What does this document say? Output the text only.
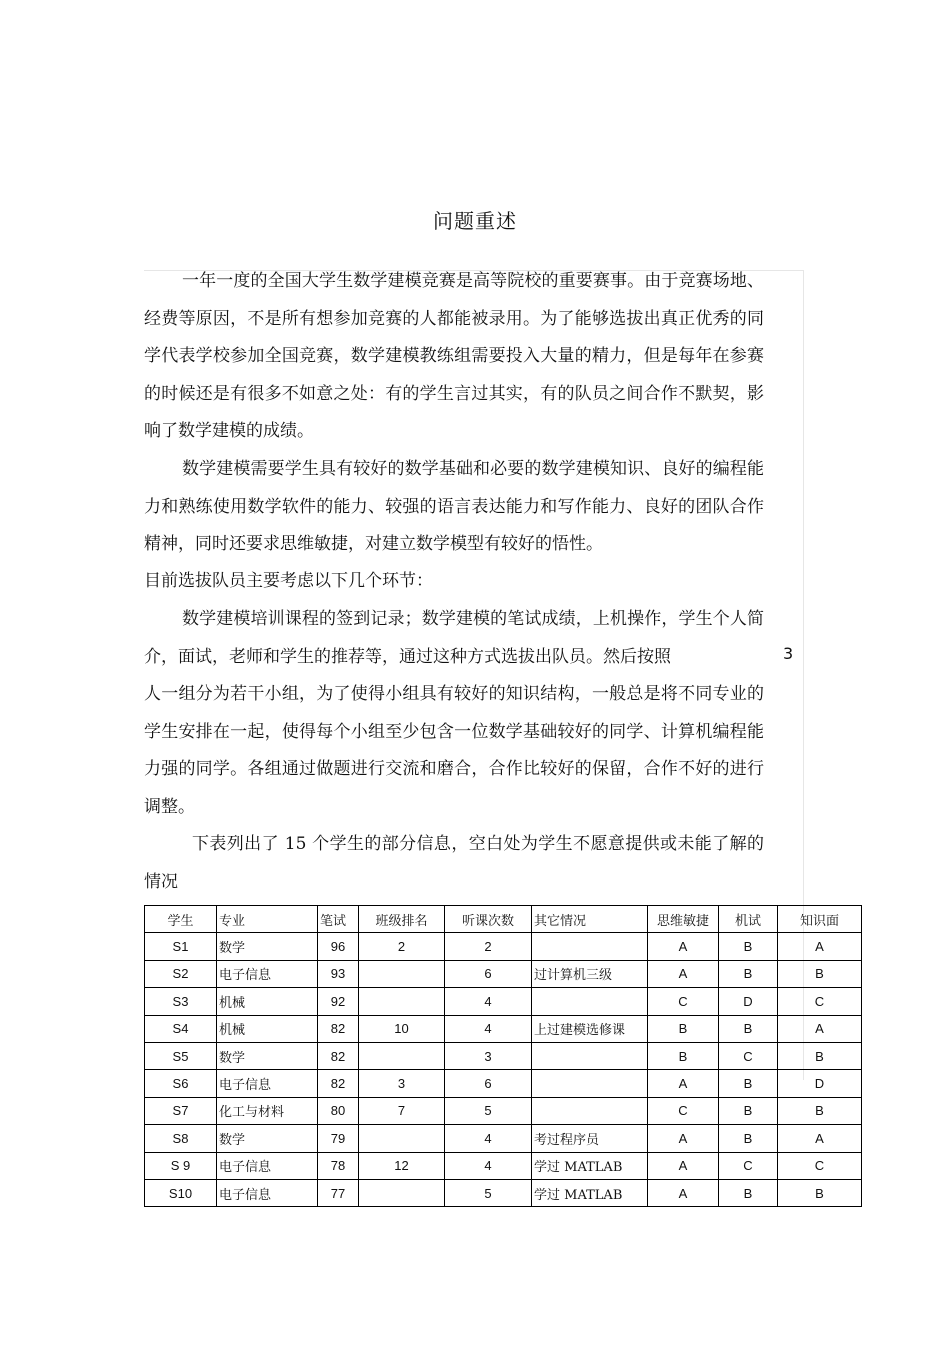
问题重述

一年一度的全国大学生数学建模竞赛是高等院校的重要赛事。由于竞赛场地、经费等原因，不是所有想参加竞赛的人都能被录用。为了能够选拔出真正优秀的同学代表学校参加全国竞赛，数学建模教练组需要投入大量的精力，但是每年在参赛的时候还是有很多不如意之处：有的学生言过其实，有的队员之间合作不默契，影响了数学建模的成绩。

数学建模需要学生具有较好的数学基础和必要的数学建模知识、良好的编程能力和熟练使用数学软件的能力、较强的语言表达能力和写作能力、良好的团队合作精神，同时还要求思维敏捷，对建立数学模型有较好的悟性。

目前选拔队员主要考虑以下几个环节：

数学建模培训课程的签到记录；数学建模的笔试成绩，上机操作，学生个人简介，面试，老师和学生的推荐等，通过这种方式选拔出队员。然后按照	3

人一组分为若干小组，为了使得小组具有较好的知识结构，一般总是将不同专业的学生安排在一起，使得每个小组至少包含一位数学基础较好的同学、计算机编程能力强的同学。各组通过做题进行交流和磨合，合作比较好的保留，合作不好的进行调整。

下表列出了 15 个学生的部分信息，空白处为学生不愿意提供或未能了解的情况

学生	专业	笔试	班级排名	听课次数	其它情况	思维敏捷	机试	知识面
S1	数学	96	2	2		A	B	A
S2	电子信息	93		6	过计算机三级	A	B	B
S3	机械	92		4		C	D	C
S4	机械	82	10	4	上过建模选修课	B	B	A
S5	数学	82		3		B	C	B
S6	电子信息	82	3	6		A	B	D
S7	化工与材料	80	7	5		C	B	B
S8	数学	79		4	考过程序员	A	B	A
S 9	电子信息	78	12	4	学过 MATLAB	A	C	C
S10	电子信息	77		5	学过 MATLAB	A	B	B
